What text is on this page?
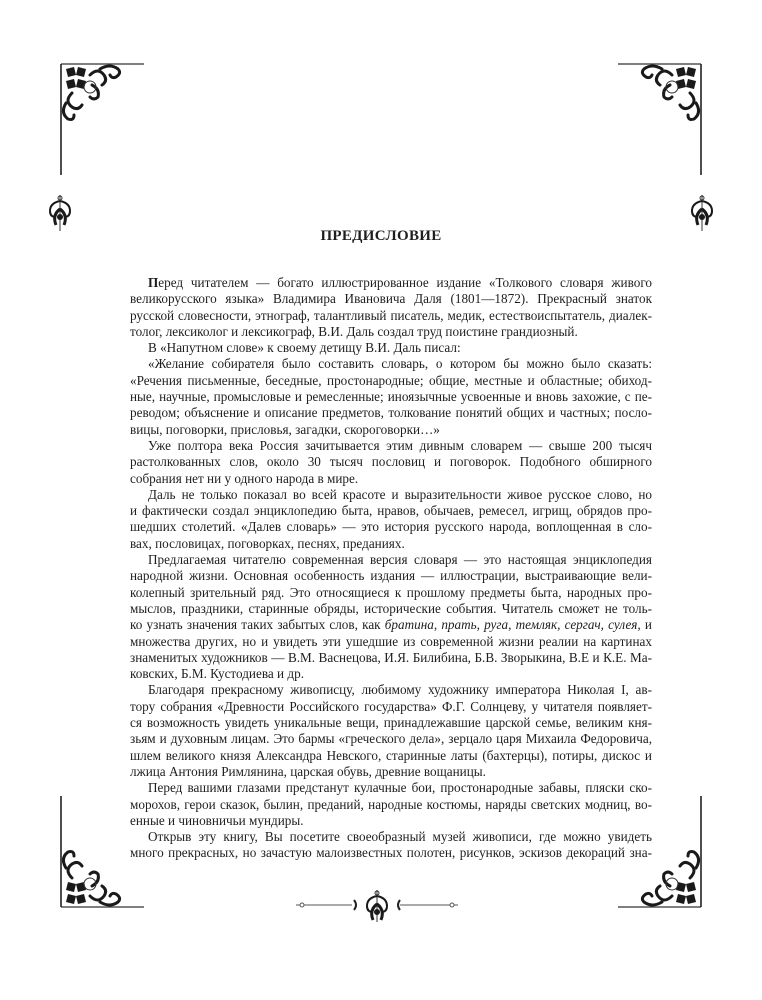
ПРЕДИСЛОВИЕ
Перед читателем — богато иллюстрированное издание «Толкового словаря живого
великорусского языка» Владимира Ивановича Даля (1801—1872). Прекрасный знаток
русской словесности, этнограф, талантливый писатель, медик, естествоиспытатель, диалек-
толог, лексиколог и лексикограф, В.И. Даль создал труд поистине грандиозный.
В «Напутном слове» к своему детищу В.И. Даль писал:
«Желание собирателя было составить словарь, о котором бы можно было сказать:
«Речения письменные, беседные, простонародные; общие, местные и областные; обиход-
ные, научные, промысловые и ремесленные; иноязычные усвоенные и вновь захожие, с пе-
реводом; объяснение и описание предметов, толкование понятий общих и частных; посло-
вицы, поговорки, присловья, загадки, скороговорки…»
Уже полтора века Россия зачитывается этим дивным словарем — свыше 200 тысяч
растолкованных слов, около 30 тысяч пословиц и поговорок. Подобного обширного
собрания нет ни у одного народа в мире.
Даль не только показал во всей красоте и выразительности живое русское слово, но
и фактически создал энциклопедию быта, нравов, обычаев, ремесел, игрищ, обрядов про-
шедших столетий. «Далев словарь» — это история русского народа, воплощенная в сло-
вах, пословицах, поговорках, песнях, преданиях.
Предлагаемая читателю современная версия словаря — это настоящая энциклопедия
народной жизни. Основная особенность издания — иллюстрации, выстраивающие вели-
колепный зрительный ряд. Это относящиеся к прошлому предметы быта, народных про-
мыслов, праздники, старинные обряды, исторические события. Читатель сможет не толь-
ко узнать значения таких забытых слов, как братина, прать, руга, темляк, сергач, сулея, и
множества других, но и увидеть эти ушедшие из современной жизни реалии на картинах
знаменитых художников — В.М. Васнецова, И.Я. Билибина, Б.В. Зворыкина, В.Е и К.Е. Ма-
ковских, Б.М. Кустодиева и др.
Благодаря прекрасному живописцу, любимому художнику императора Николая I, ав-
тору собрания «Древности Российского государства» Ф.Г. Солнцеву, у читателя появляет-
ся возможность увидеть уникальные вещи, принадлежавшие царской семье, великим кня-
зьям и духовным лицам. Это бармы «греческого дела», зерцало царя Михаила Федоровича,
шлем великого князя Александра Невского, старинные латы (бахтерцы), потиры, дискос и
лжица Антония Римлянина, царская обувь, древние вощаницы.
Перед вашими глазами предстанут кулачные бои, простонародные забавы, пляски ско-
морохов, герои сказок, былин, преданий, народные костюмы, наряды светских модниц, во-
енные и чиновничьи мундиры.
Открыв эту книгу, Вы посетите своеобразный музей живописи, где можно увидеть
много прекрасных, но зачастую малоизвестных полотен, рисунков, эскизов декораций зна-
